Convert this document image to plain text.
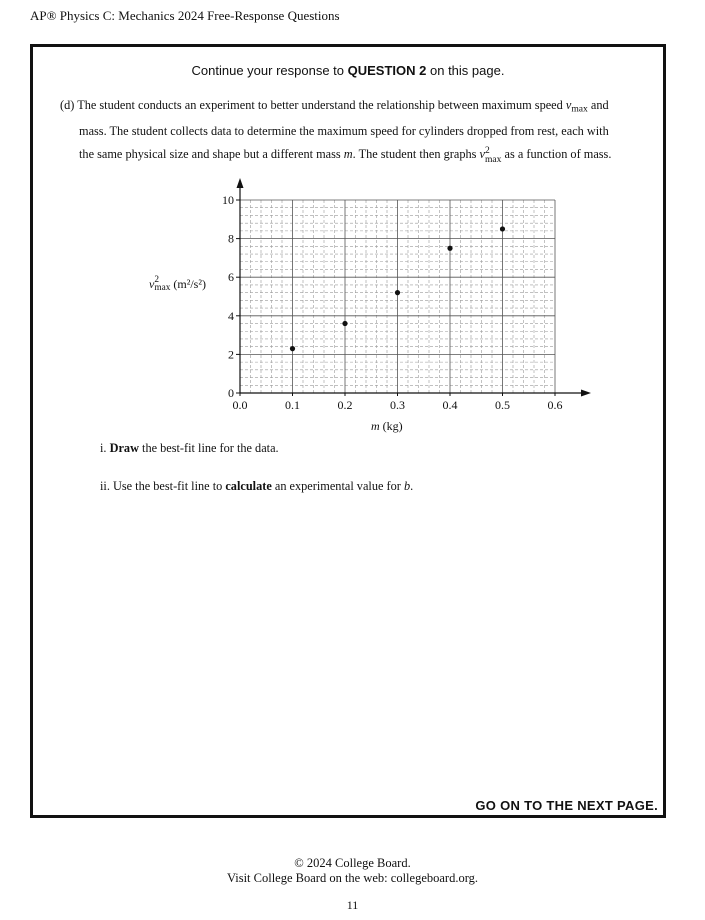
AP® Physics C: Mechanics 2024 Free-Response Questions
Continue your response to QUESTION 2 on this page.
(d) The student conducts an experiment to better understand the relationship between maximum speed $v_{max}$ and
mass. The student collects data to determine the maximum speed for cylinders dropped from rest, each with
the same physical size and shape but a different mass m. The student then graphs v 2
max as a function of mass.
v 2
max (m²/s²)
0.0	0.1	0.2	0.3	0.4	0.5	0.6
0
2
4
6
8
10
m (kg)
i. Draw the best-fit line for the data.
ii. Use the best-fit line to calculate an experimental value for b.
GO ON TO THE NEXT PAGE.
© 2024 College Board.
Visit College Board on the web: collegeboard.org.
11
